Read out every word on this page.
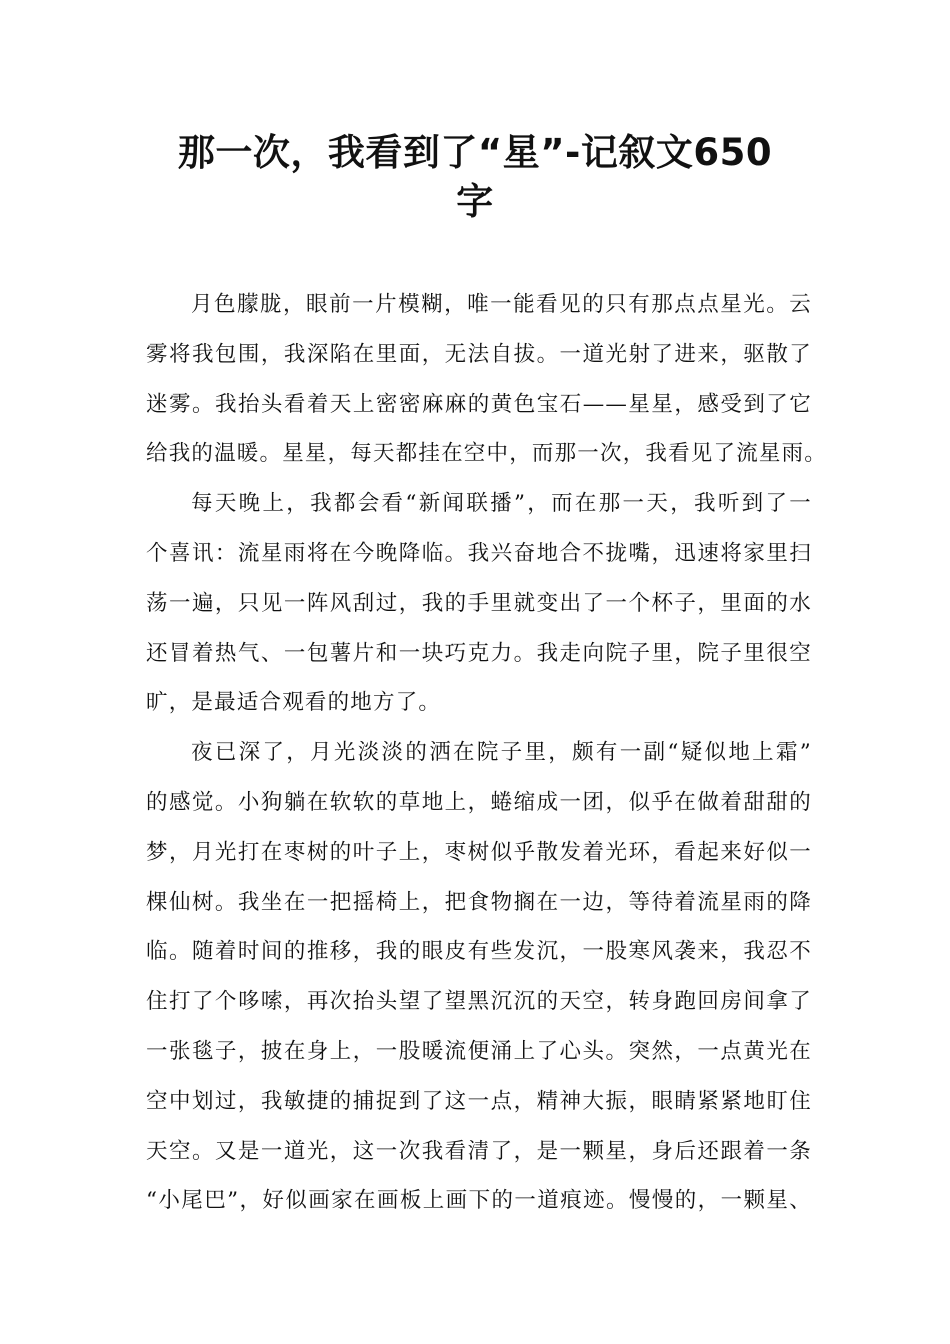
那一次，我看到了“星”-记叙文650
字
月色朦胧，眼前一片模糊，唯一能看见的只有那点点星光。云
雾将我包围，我深陷在里面，无法自拔。一道光射了进来，驱散了
迷雾。我抬头看着天上密密麻麻的黄色宝石——星星，感受到了它
给我的温暖。星星，每天都挂在空中，而那一次，我看见了流星雨。
每天晚上，我都会看“新闻联播”，而在那一天，我听到了一
个喜讯：流星雨将在今晚降临。我兴奋地合不拢嘴，迅速将家里扫
荡一遍，只见一阵风刮过，我的手里就变出了一个杯子，里面的水
还冒着热气、一包薯片和一块巧克力。我走向院子里，院子里很空
旷，是最适合观看的地方了。
夜已深了，月光淡淡的洒在院子里，颇有一副“疑似地上霜”
的感觉。小狗躺在软软的草地上，蜷缩成一团，似乎在做着甜甜的
梦，月光打在枣树的叶子上，枣树似乎散发着光环，看起来好似一
棵仙树。我坐在一把摇椅上，把食物搁在一边，等待着流星雨的降
临。随着时间的推移，我的眼皮有些发沉，一股寒风袭来，我忍不
住打了个哆嗦，再次抬头望了望黑沉沉的天空，转身跑回房间拿了
一张毯子，披在身上，一股暖流便涌上了心头。突然，一点黄光在
空中划过，我敏捷的捕捉到了这一点，精神大振，眼睛紧紧地盯住
天空。又是一道光，这一次我看清了，是一颗星，身后还跟着一条
“小尾巴”，好似画家在画板上画下的一道痕迹。慢慢的，一颗星、
